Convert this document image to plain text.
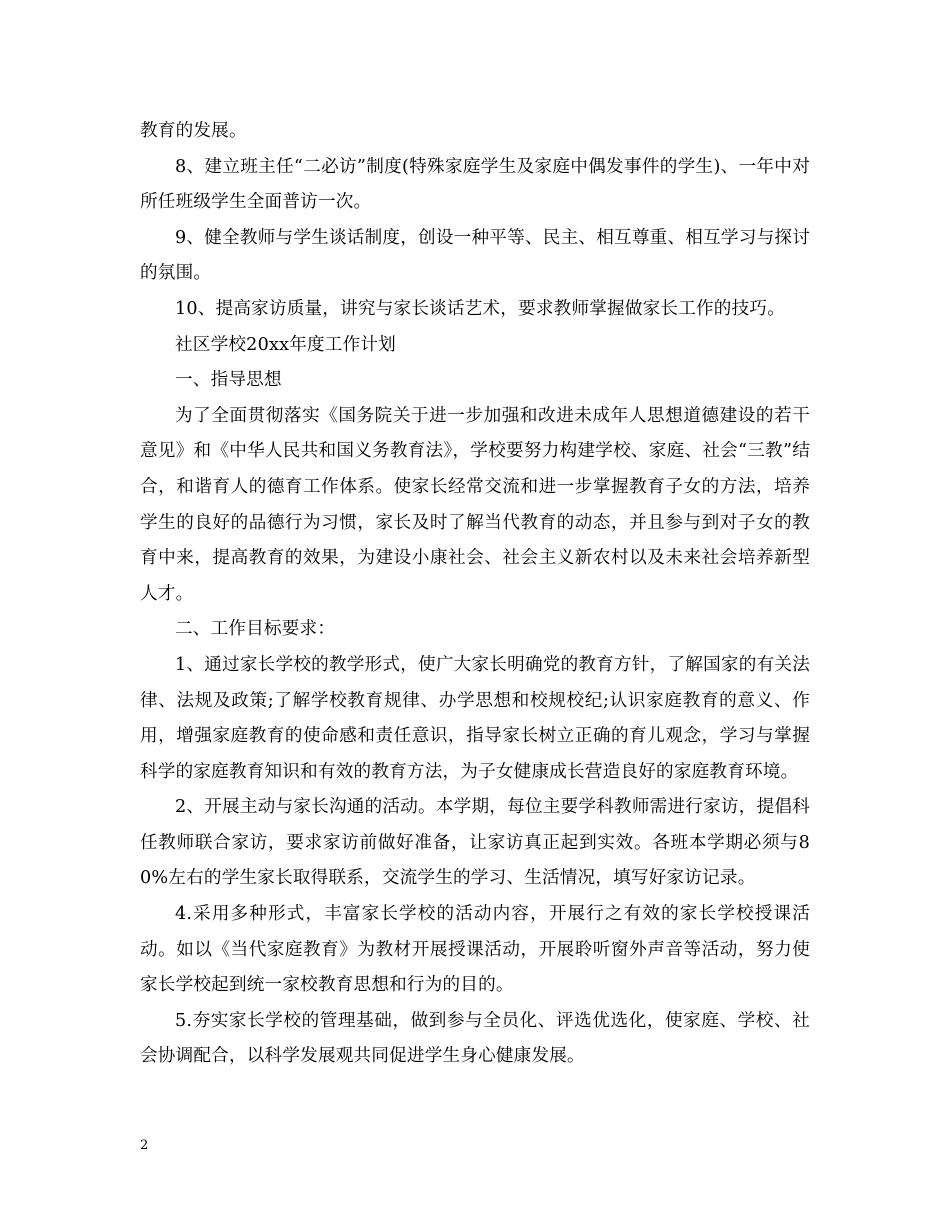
教育的发展。

8、建立班主任“二必访”制度(特殊家庭学生及家庭中偶发事件的学生)、一年中对所任班级学生全面普访一次。

9、健全教师与学生谈话制度，创设一种平等、民主、相互尊重、相互学习与探讨的氛围。

10、提高家访质量，讲究与家长谈话艺术，要求教师掌握做家长工作的技巧。

社区学校20xx年度工作计划

一、指导思想

为了全面贯彻落实《国务院关于进一步加强和改进未成年人思想道德建设的若干意见》和《中华人民共和国义务教育法》，学校要努力构建学校、家庭、社会“三教”结合，和谐育人的德育工作体系。使家长经常交流和进一步掌握教育子女的方法，培养学生的良好的品德行为习惯，家长及时了解当代教育的动态，并且参与到对子女的教育中来，提高教育的效果，为建设小康社会、社会主义新农村以及未来社会培养新型人才。

二、工作目标要求：

1、通过家长学校的教学形式，使广大家长明确党的教育方针，了解国家的有关法律、法规及政策;了解学校教育规律、办学思想和校规校纪;认识家庭教育的意义、作用，增强家庭教育的使命感和责任意识，指导家长树立正确的育儿观念，学习与掌握科学的家庭教育知识和有效的教育方法，为子女健康成长营造良好的家庭教育环境。

2、开展主动与家长沟通的活动。本学期，每位主要学科教师需进行家访，提倡科任教师联合家访，要求家访前做好准备，让家访真正起到实效。各班本学期必须与80%左右的学生家长取得联系，交流学生的学习、生活情况，填写好家访记录。

4.采用多种形式，丰富家长学校的活动内容，开展行之有效的家长学校授课活动。如以《当代家庭教育》为教材开展授课活动，开展聆听窗外声音等活动，努力使家长学校起到统一家校教育思想和行为的目的。

5.夯实家长学校的管理基础，做到参与全员化、评选优选化，使家庭、学校、社会协调配合，以科学发展观共同促进学生身心健康发展。

2
